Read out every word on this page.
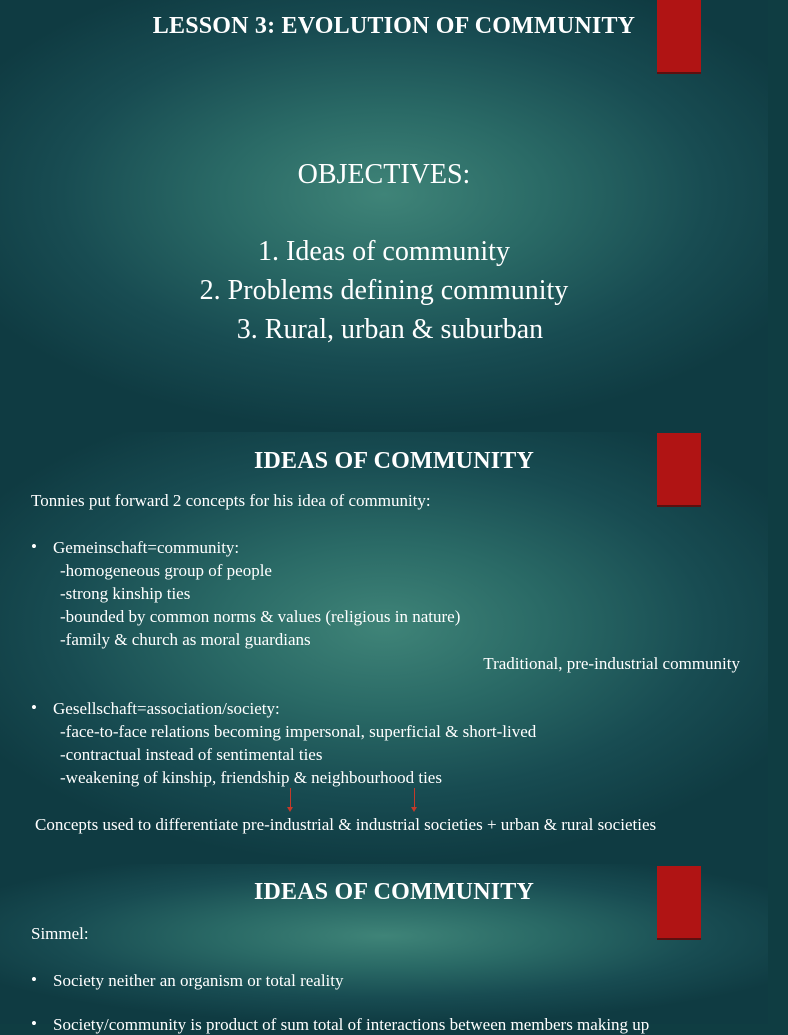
LESSON 3: EVOLUTION OF COMMUNITY
OBJECTIVES:
1. Ideas of community
2. Problems defining community
3. Rural, urban & suburban
IDEAS OF COMMUNITY
Tonnies put forward 2 concepts for his idea of community:
• Gemeinschaft=community:
-homogeneous group of people
-strong kinship ties
-bounded by common norms & values (religious in nature)
-family & church as moral guardians
Traditional, pre-industrial community
• Gesellschaft=association/society:
-face-to-face relations becoming impersonal, superficial & short-lived
-contractual instead of sentimental ties
-weakening of kinship, friendship & neighbourhood ties
Concepts used to differentiate pre-industrial & industrial societies + urban & rural societies
IDEAS OF COMMUNITY
Simmel:
• Society neither an organism or total reality
• Society/community is product of sum total of interactions between members making up
